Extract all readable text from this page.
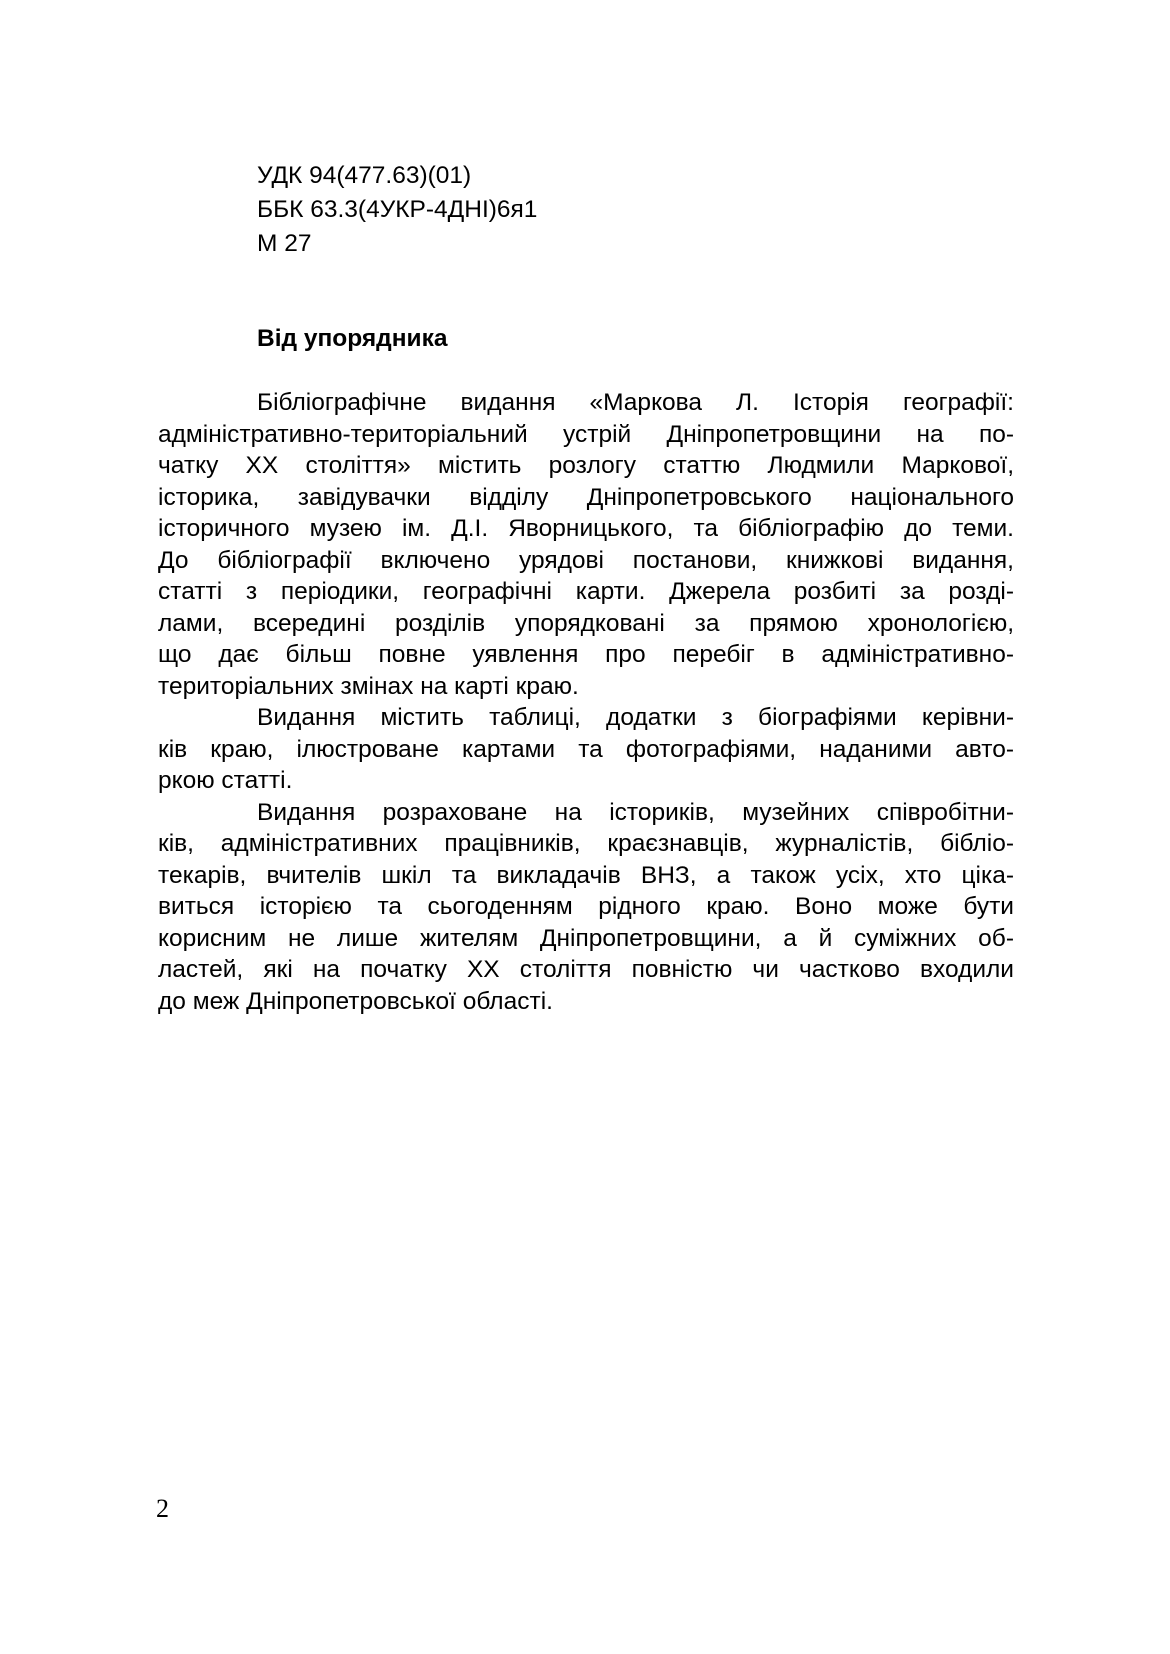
УДК 94(477.63)(01)
ББК 63.3(4УКР-4ДНІ)6я1
М 27
Від упорядника
Бібліографічне видання «Маркова Л. Історія географії:
адміністративно-територіальний устрій Дніпропетровщини на по-
чатку ХХ століття» містить розлогу статтю Людмили Маркової,
історика, завідувачки відділу Дніпропетровського національного
історичного музею ім. Д.І. Яворницького, та бібліографію до теми.
До бібліографії включено урядові постанови, книжкові видання,
статті з періодики, географічні карти. Джерела розбиті за розді-
лами, всередині розділів упорядковані за прямою хронологією,
що дає більш повне уявлення про перебіг в адміністративно-
територіальних змінах на карті краю.
Видання містить таблиці, додатки з біографіями керівни-
ків краю, ілюстроване картами та фотографіями, наданими авто-
ркою статті.
Видання розраховане на істориків, музейних співробітни-
ків, адміністративних працівників, краєзнавців, журналістів, бібліо-
текарів, вчителів шкіл та викладачів ВНЗ, а також усіх, хто ціка-
виться історією та сьогоденням рідного краю. Воно може бути
корисним не лише жителям Дніпропетровщини, а й суміжних об-
ластей, які на початку ХХ століття повністю чи частково входили
до меж Дніпропетровської області.
2
